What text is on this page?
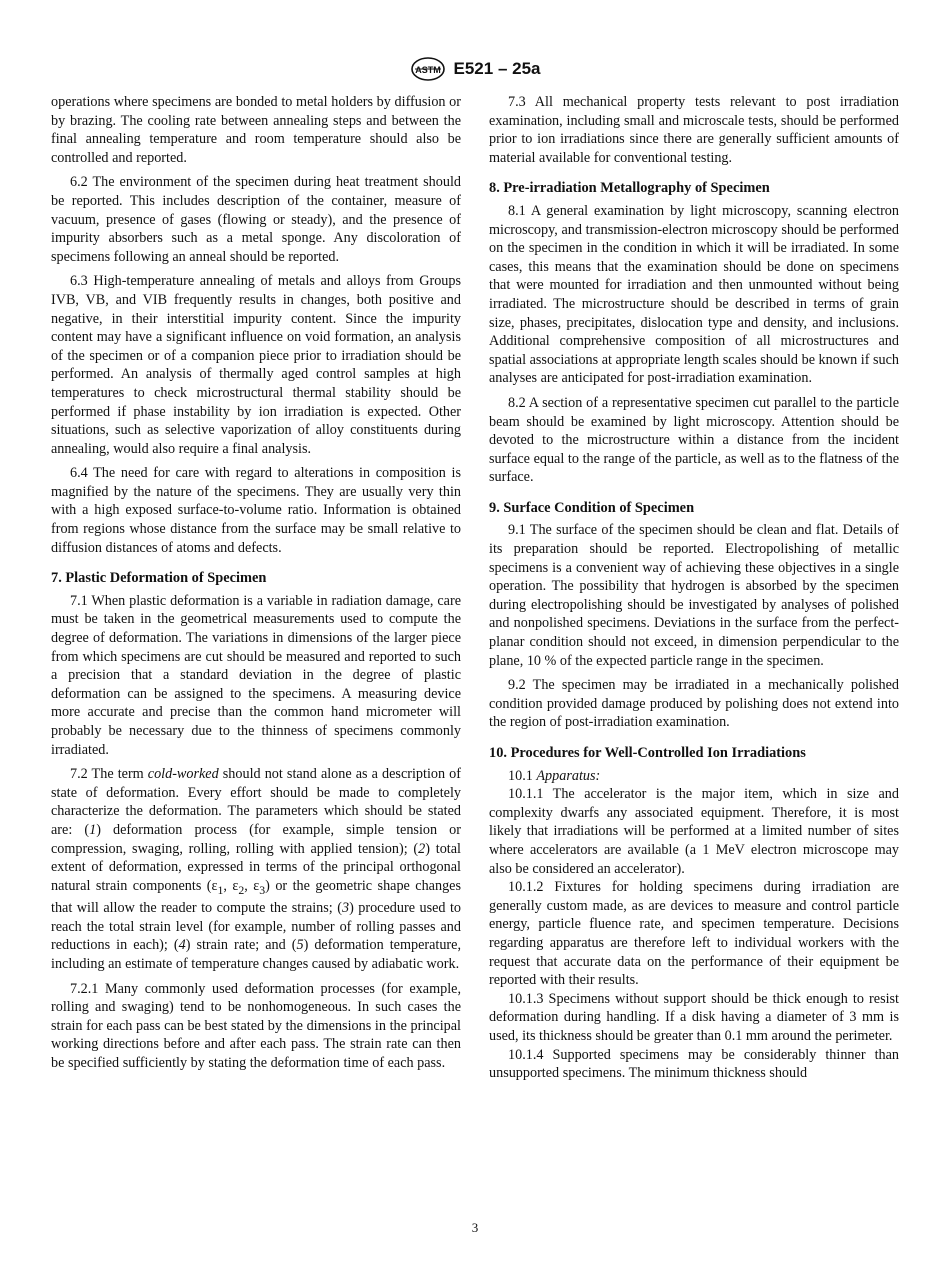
ASTM E521 – 25a

operations where specimens are bonded to metal holders by diffusion or by brazing. The cooling rate between annealing steps and between the final annealing temperature and room temperature should also be controlled and reported.

6.2 The environment of the specimen during heat treatment should be reported. This includes description of the container, measure of vacuum, presence of gases (flowing or steady), and the presence of impurity absorbers such as a metal sponge. Any discoloration of specimens following an anneal should be reported.

6.3 High-temperature annealing of metals and alloys from Groups IVB, VB, and VIB frequently results in changes, both positive and negative, in their interstitial impurity content. Since the impurity content may have a significant influence on void formation, an analysis of the specimen or of a companion piece prior to irradiation should be performed. An analysis of thermally aged control samples at high temperatures to check microstructural thermal stability should be performed if phase instability by ion irradiation is expected. Other situations, such as selective vaporization of alloy constituents during annealing, would also require a final analysis.

6.4 The need for care with regard to alterations in composition is magnified by the nature of the specimens. They are usually very thin with a high exposed surface-to-volume ratio. Information is obtained from regions whose distance from the surface may be small relative to diffusion distances of atoms and defects.

7. Plastic Deformation of Specimen

7.1 When plastic deformation is a variable in radiation damage, care must be taken in the geometrical measurements used to compute the degree of deformation. The variations in dimensions of the larger piece from which specimens are cut should be measured and reported to such a precision that a standard deviation in the degree of plastic deformation can be assigned to the specimens. A measuring device more accurate and precise than the common hand micrometer will probably be necessary due to the thinness of specimens commonly irradiated.

7.2 The term cold-worked should not stand alone as a description of state of deformation. Every effort should be made to completely characterize the deformation. The parameters which should be stated are: (1) deformation process (for example, simple tension or compression, swaging, rolling, rolling with applied tension); (2) total extent of deformation, expressed in terms of the principal orthogonal natural strain components ($\varepsilon_1$, $\varepsilon_2$, $\varepsilon_3$) or the geometric shape changes that will allow the reader to compute the strains; (3) procedure used to reach the total strain level (for example, number of rolling passes and reductions in each); (4) strain rate; and (5) deformation temperature, including an estimate of temperature changes caused by adiabatic work.

7.2.1 Many commonly used deformation processes (for example, rolling and swaging) tend to be nonhomogeneous. In such cases the strain for each pass can be best stated by the dimensions in the principal working directions before and after each pass. The strain rate can then be specified sufficiently by stating the deformation time of each pass.

7.3 All mechanical property tests relevant to post irradiation examination, including small and microscale tests, should be performed prior to ion irradiations since there are generally sufficient amounts of material available for conventional testing.

8. Pre-irradiation Metallography of Specimen

8.1 A general examination by light microscopy, scanning electron microscopy, and transmission-electron microscopy should be performed on the specimen in the condition in which it will be irradiated. In some cases, this means that the examination should be done on specimens that were mounted for irradiation and then unmounted without being irradiated. The microstructure should be described in terms of grain size, phases, precipitates, dislocation type and density, and inclusions. Additional comprehensive composition of all microstructures and spatial associations at appropriate length scales should be known if such analyses are anticipated for post-irradiation examination.

8.2 A section of a representative specimen cut parallel to the particle beam should be examined by light microscopy. Attention should be devoted to the microstructure within a distance from the incident surface equal to the range of the particle, as well as to the flatness of the surface.

9. Surface Condition of Specimen

9.1 The surface of the specimen should be clean and flat. Details of its preparation should be reported. Electropolishing of metallic specimens is a convenient way of achieving these objectives in a single operation. The possibility that hydrogen is absorbed by the specimen during electropolishing should be investigated by analyses of polished and nonpolished specimens. Deviations in the surface from the perfect-planar condition should not exceed, in dimension perpendicular to the plane, 10 % of the expected particle range in the specimen.

9.2 The specimen may be irradiated in a mechanically polished condition provided damage produced by polishing does not extend into the region of post-irradiation examination.

10. Procedures for Well-Controlled Ion Irradiations

10.1 Apparatus:

10.1.1 The accelerator is the major item, which in size and complexity dwarfs any associated equipment. Therefore, it is most likely that irradiations will be performed at a limited number of sites where accelerators are available (a 1 MeV electron microscope may also be considered an accelerator).

10.1.2 Fixtures for holding specimens during irradiation are generally custom made, as are devices to measure and control particle energy, particle fluence rate, and specimen temperature. Decisions regarding apparatus are therefore left to individual workers with the request that accurate data on the performance of their equipment be reported with their results.

10.1.3 Specimens without support should be thick enough to resist deformation during handling. If a disk having a diameter of 3 mm is used, its thickness should be greater than 0.1 mm around the perimeter.

10.1.4 Supported specimens may be considerably thinner than unsupported specimens. The minimum thickness should

3
